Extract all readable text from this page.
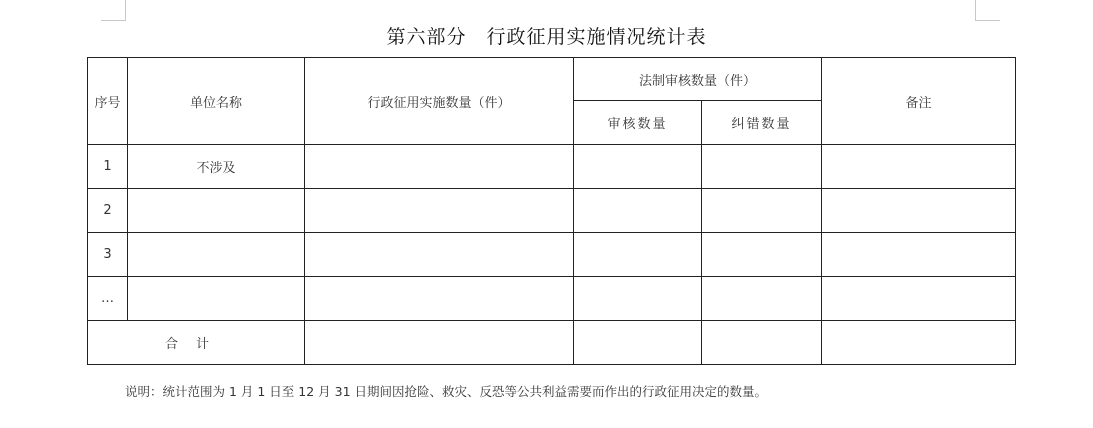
第六部分　行政征用实施情况统计表
序号	单位名称	行政征用实施数量（件）	法制审核数量（件）		备注
			审核数量	纠错数量	
1	不涉及				
2					
3					
…					
合计					
说明：统计范围为 1 月 1 日至 12 月 31 日期间因抢险、救灾、反恐等公共利益需要而作出的行政征用决定的数量。
